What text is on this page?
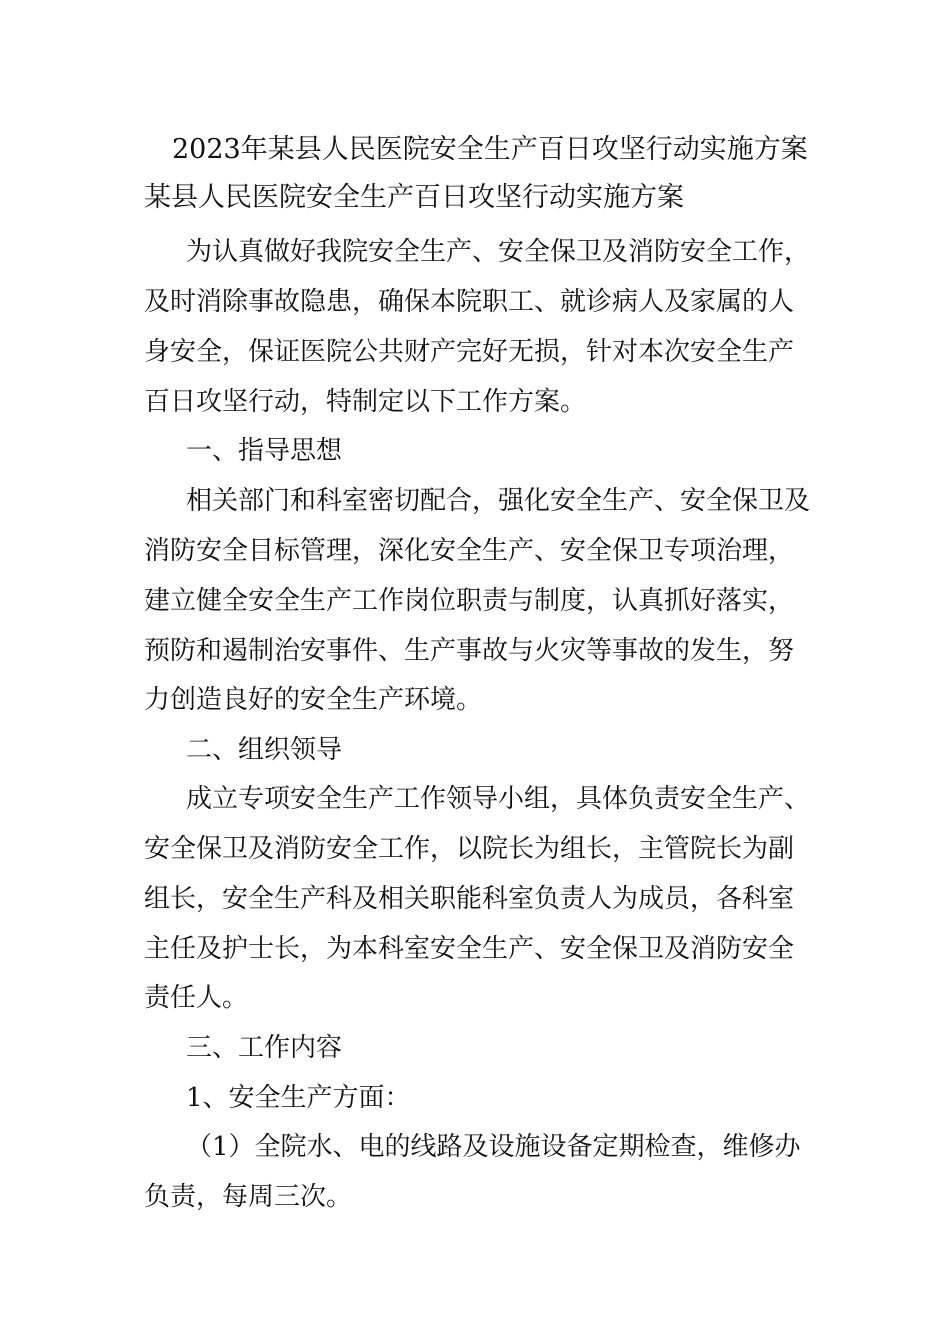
2023年某县人民医院安全生产百日攻坚行动实施方案
某县人民医院安全生产百日攻坚行动实施方案
为认真做好我院安全生产、安全保卫及消防安全工作，
及时消除事故隐患，确保本院职工、就诊病人及家属的人
身安全，保证医院公共财产完好无损，针对本次安全生产
百日攻坚行动，特制定以下工作方案。
一、指导思想
相关部门和科室密切配合，强化安全生产、安全保卫及
消防安全目标管理，深化安全生产、安全保卫专项治理，
建立健全安全生产工作岗位职责与制度，认真抓好落实，
预防和遏制治安事件、生产事故与火灾等事故的发生，努
力创造良好的安全生产环境。
二、组织领导
成立专项安全生产工作领导小组，具体负责安全生产、
安全保卫及消防安全工作，以院长为组长，主管院长为副
组长，安全生产科及相关职能科室负责人为成员，各科室
主任及护士长，为本科室安全生产、安全保卫及消防安全
责任人。
三、工作内容
1、安全生产方面：
（1）全院水、电的线路及设施设备定期检查，维修办
负责，每周三次。
